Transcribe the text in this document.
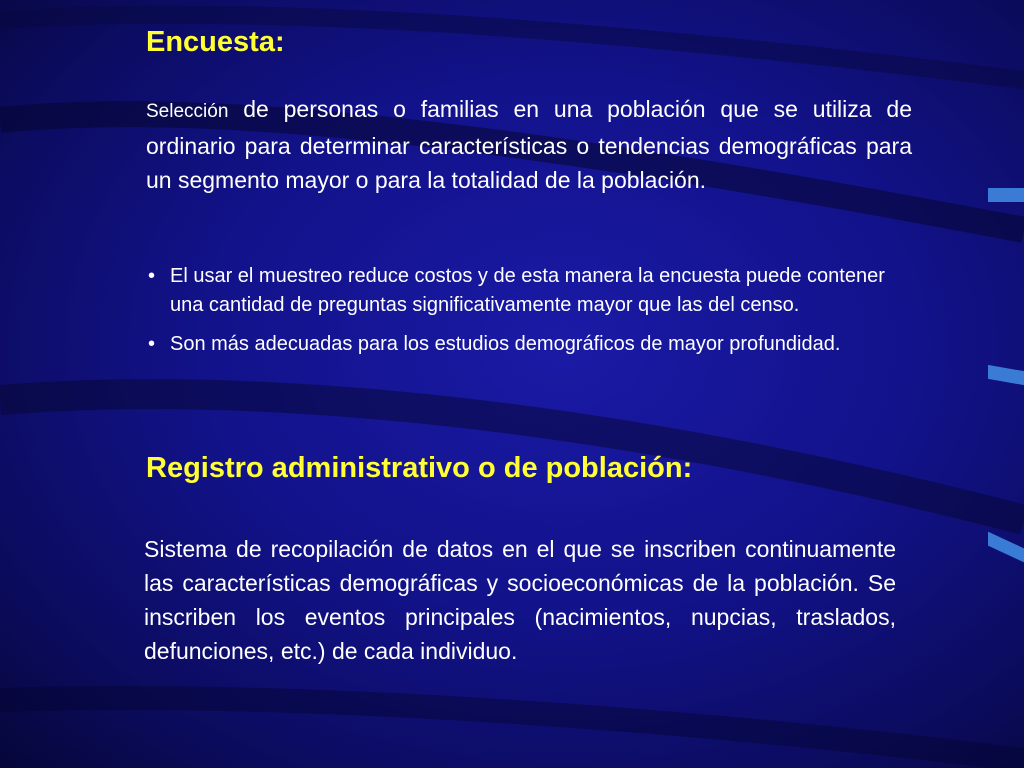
Encuesta:

Selección de personas o familias en una población que se utiliza de ordinario para determinar características o tendencias demográficas para un segmento mayor o para la totalidad de la población.

• El usar el muestreo reduce costos y de esta manera la encuesta puede contener una cantidad de preguntas significativamente mayor que las del censo.
• Son más adecuadas para los estudios demográficos de mayor profundidad.
Registro administrativo o de población:

Sistema de recopilación de datos en el que se inscriben continuamente las características demográficas y socioeconómicas de la población. Se inscriben los eventos principales (nacimientos, nupcias, traslados, defunciones, etc.) de cada individuo.
